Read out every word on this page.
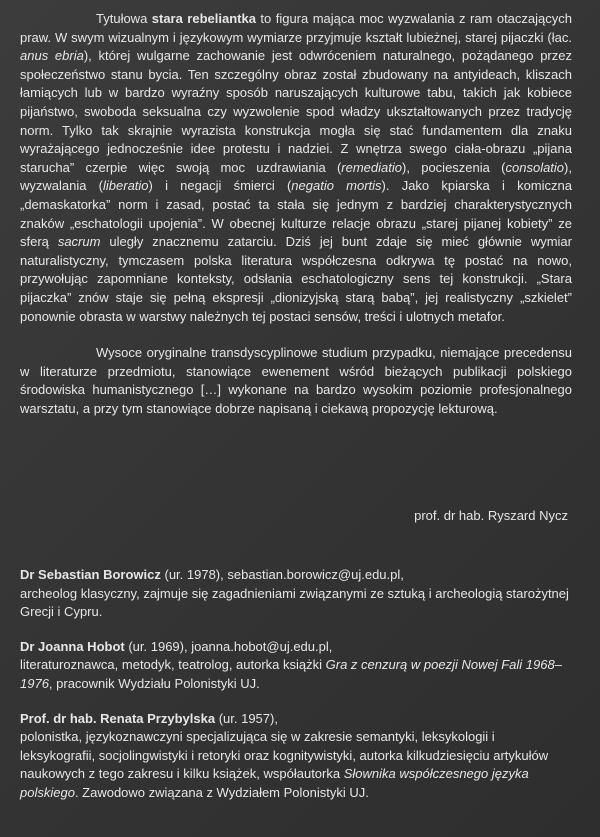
Tytułowa stara rebeliantka to figura mająca moc wyzwalania z ram otaczających praw. W swym wizualnym i językowym wymiarze przyjmuje kształt lubieżnej, starej pijaczki (łac. anus ebria), której wulgarne zachowanie jest odwróceniem naturalnego, pożądanego przez społeczeństwo stanu bycia. Ten szczególny obraz został zbudowany na antyideach, kliszach łamiących lub w bardzo wyraźny sposób naruszających kulturowe tabu, takich jak kobiece pijaństwo, swoboda seksualna czy wyzwolenie spod władzy ukształtowanych przez tradycję norm. Tylko tak skrajnie wyrazista konstrukcja mogła się stać fundamentem dla znaku wyrażającego jednocześnie idee protestu i nadziei. Z wnętrza swego ciała-obrazu „pijana starucha” czerpie więc swoją moc uzdrawiania (remediatio), pocieszenia (consolatio), wyzwalania (liberatio) i negacji śmierci (negatio mortis). Jako kpiarska i komiczna „demaskatorka” norm i zasad, postać ta stała się jednym z bardziej charakterystycznych znaków „eschatologii upojenia”. W obecnej kulturze relacje obrazu „starej pijanej kobiety” ze sferą sacrum uległy znacznemu zatarciu. Dziś jej bunt zdaje się mieć głównie wymiar naturalistyczny, tymczasem polska literatura współczesna odkrywa tę postać na nowo, przywołując zapomniane konteksty, odsłania eschatologiczny sens tej konstrukcji. „Stara pijaczka” znów staje się pełną ekspresji „dionizyjską starą babą”, jej realistyczny „szkielet” ponownie obrasta w warstwy należnych tej postaci sensów, treści i ulotnych metafor.

Wysoce oryginalne transdyscyplinowe studium przypadku, niemające precedensu w literaturze przedmiotu, stanowiące ewenement wśród bieżących publikacji polskiego środowiska humanistycznego […] wykonane na bardzo wysokim poziomie profesjonalnego warsztatu, a przy tym stanowiące dobrze napisaną i ciekawą propozycję lekturową.

prof. dr hab. Ryszard Nycz
Dr Sebastian Borowicz (ur. 1978), sebastian.borowicz@uj.edu.pl,
archeolog klasyczny, zajmuje się zagadnieniami związanymi ze sztuką i archeologią starożytnej Grecji i Cypru.
Dr Joanna Hobot (ur. 1969), joanna.hobot@uj.edu.pl,
literaturoznawca, metodyk, teatrolog, autorka książki Gra z cenzurą w poezji Nowej Fali 1968–1976, pracownik Wydziału Polonistyki UJ.
Prof. dr hab. Renata Przybylska (ur. 1957),
polonistka, językoznawczyni specjalizująca się w zakresie semantyki, leksykologii i leksykografii, socjolingwistyki i retoryki oraz kognitywistyki, autorka kilkudziesięciu artykułów naukowych z tego zakresu i kilku książek, współautorka Słownika współczesnego języka polskiego. Zawodowo związana z Wydziałem Polonistyki UJ.
